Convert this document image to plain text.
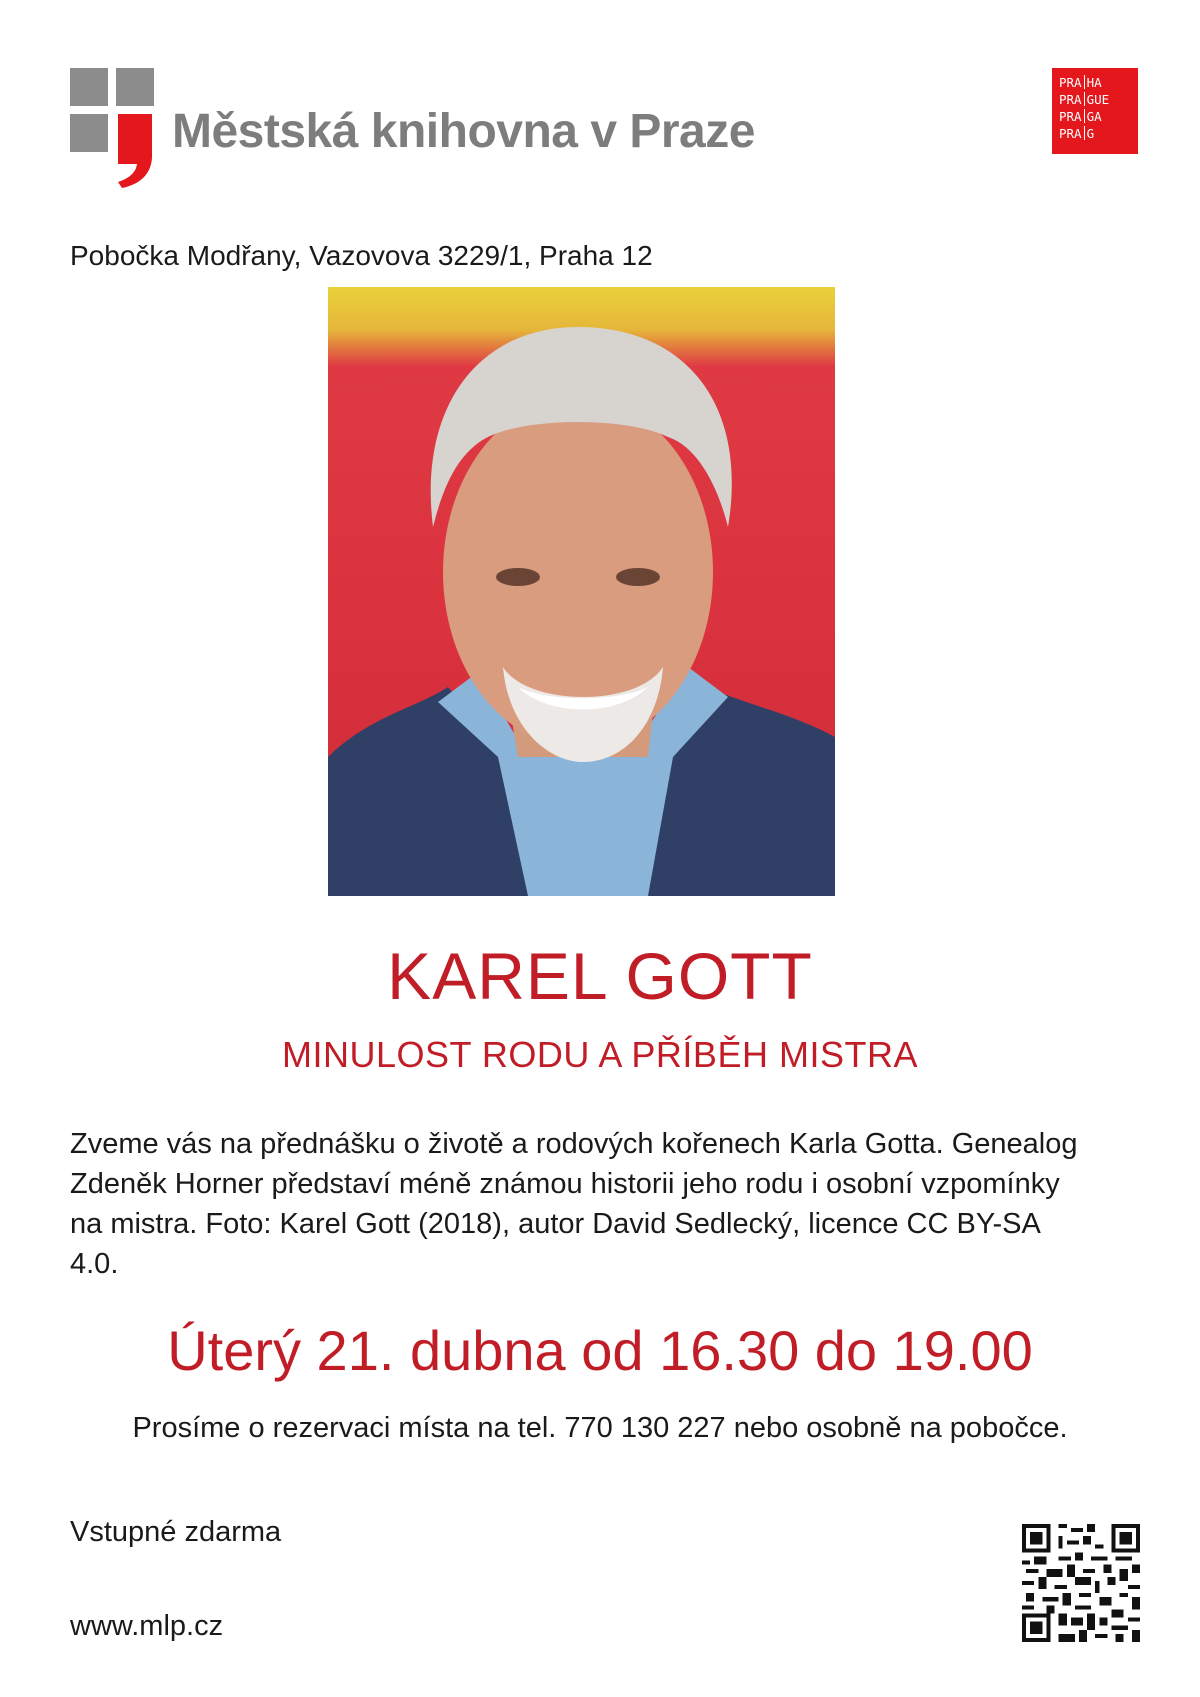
Městská knihovna v Praze
PRA HA
PRA GUE
PRA GA
PRA G
Pobočka Modřany, Vazovova 3229/1, Praha 12
KAREL GOTT
MINULOST RODU A PŘÍBĚH MISTRA
Zveme vás na přednášku o životě a rodových kořenech Karla Gotta. Genealog Zdeněk Horner představí méně známou historii jeho rodu i osobní vzpomínky na mistra. Foto: Karel Gott (2018), autor David Sedlecký, licence CC BY-SA 4.0.
Úterý 21. dubna od 16.30 do 19.00
Prosíme o rezervaci místa na tel. 770 130 227 nebo osobně na pobočce.
Vstupné zdarma
www.mlp.cz
